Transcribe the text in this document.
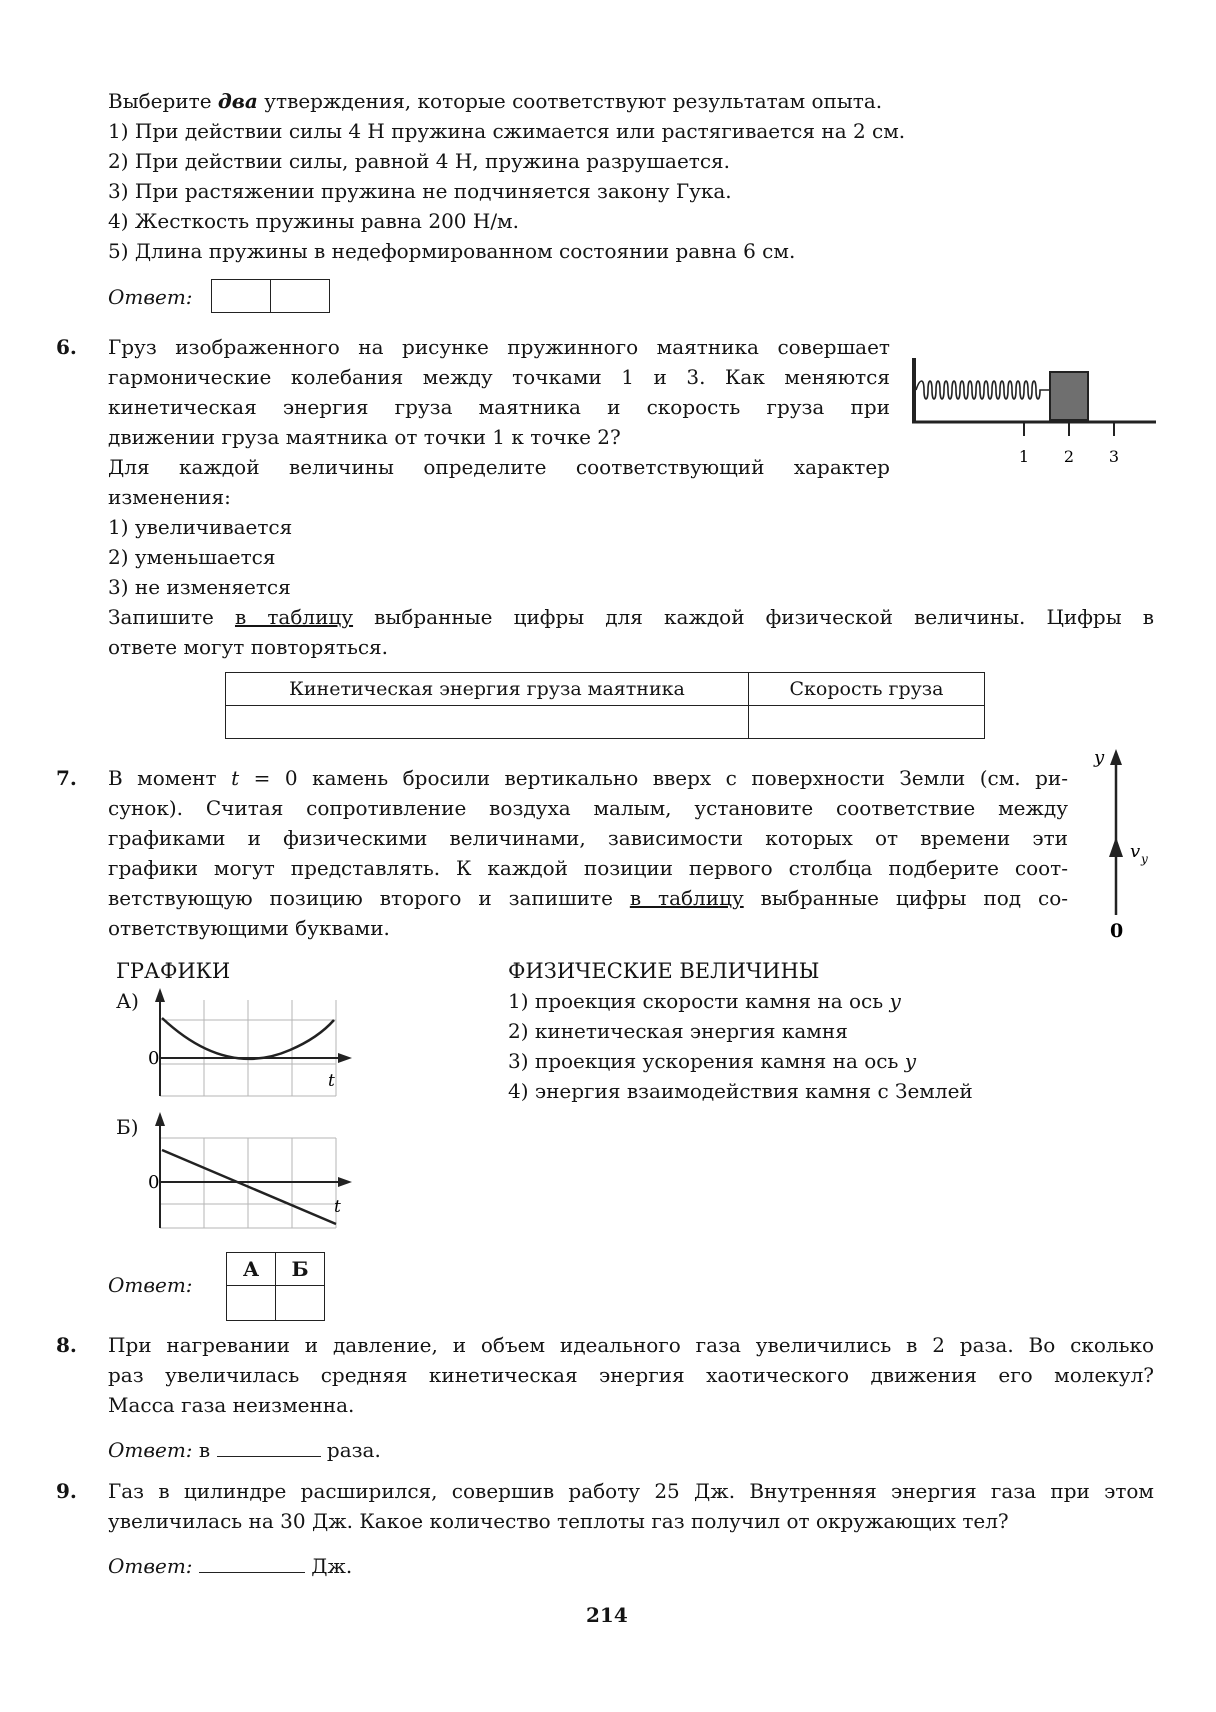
Выберите два утверждения, которые соответствуют результатам опыта.
1) При действии силы 4 Н пружина сжимается или растягивается на 2 см.
2) При действии силы, равной 4 Н, пружина разрушается.
3) При растяжении пружина не подчиняется закону Гука.
4) Жесткость пружины равна 200 Н/м.
5) Длина пружины в недеформированном состоянии равна 6 см.
Ответ:
6. Груз изображенного на рисунке пружинного маятника совершает
гармонические колебания между точками 1 и 3. Как меняются
кинетическая энергия груза маятника и скорость груза при
движении груза маятника от точки 1 к точке 2?
Для каждой величины определите соответствующий характер
изменения:
1) увеличивается
2) уменьшается
3) не изменяется
Запишите в таблицу выбранные цифры для каждой физической величины. Цифры в
ответе могут повторяться.
1 2 3
Кинетическая энергия груза маятника	Скорость груза

7. В момент t = 0 камень бросили вертикально вверх с поверхности Земли (см. ри-
сунок). Считая сопротивление воздуха малым, установите соответствие между
графиками и физическими величинами, зависимости которых от времени эти
графики могут представлять. К каждой позиции первого столбца подберите соот-
ветствующую позицию второго и запишите в таблицу выбранные цифры под со-
ответствующими буквами.
y
v y
0
ГРАФИКИ	ФИЗИЧЕСКИЕ ВЕЛИЧИНЫ
1) проекция скорости камня на ось y
2) кинетическая энергия камня
3) проекция ускорения камня на ось y
4) энергия взаимодействия камня с Землей
А)
0
t
Б)
0
t
Ответ:
А	Б

8. При нагревании и давление, и объем идеального газа увеличились в 2 раза. Во сколько
раз увеличилась средняя кинетическая энергия хаотического движения его молекул?
Масса газа неизменна.
Ответ: в	раза.
9. Газ в цилиндре расширился, совершив работу 25 Дж. Внутренняя энергия газа при этом
увеличилась на 30 Дж. Какое количество теплоты газ получил от окружающих тел?
Ответ:	Дж.
214
